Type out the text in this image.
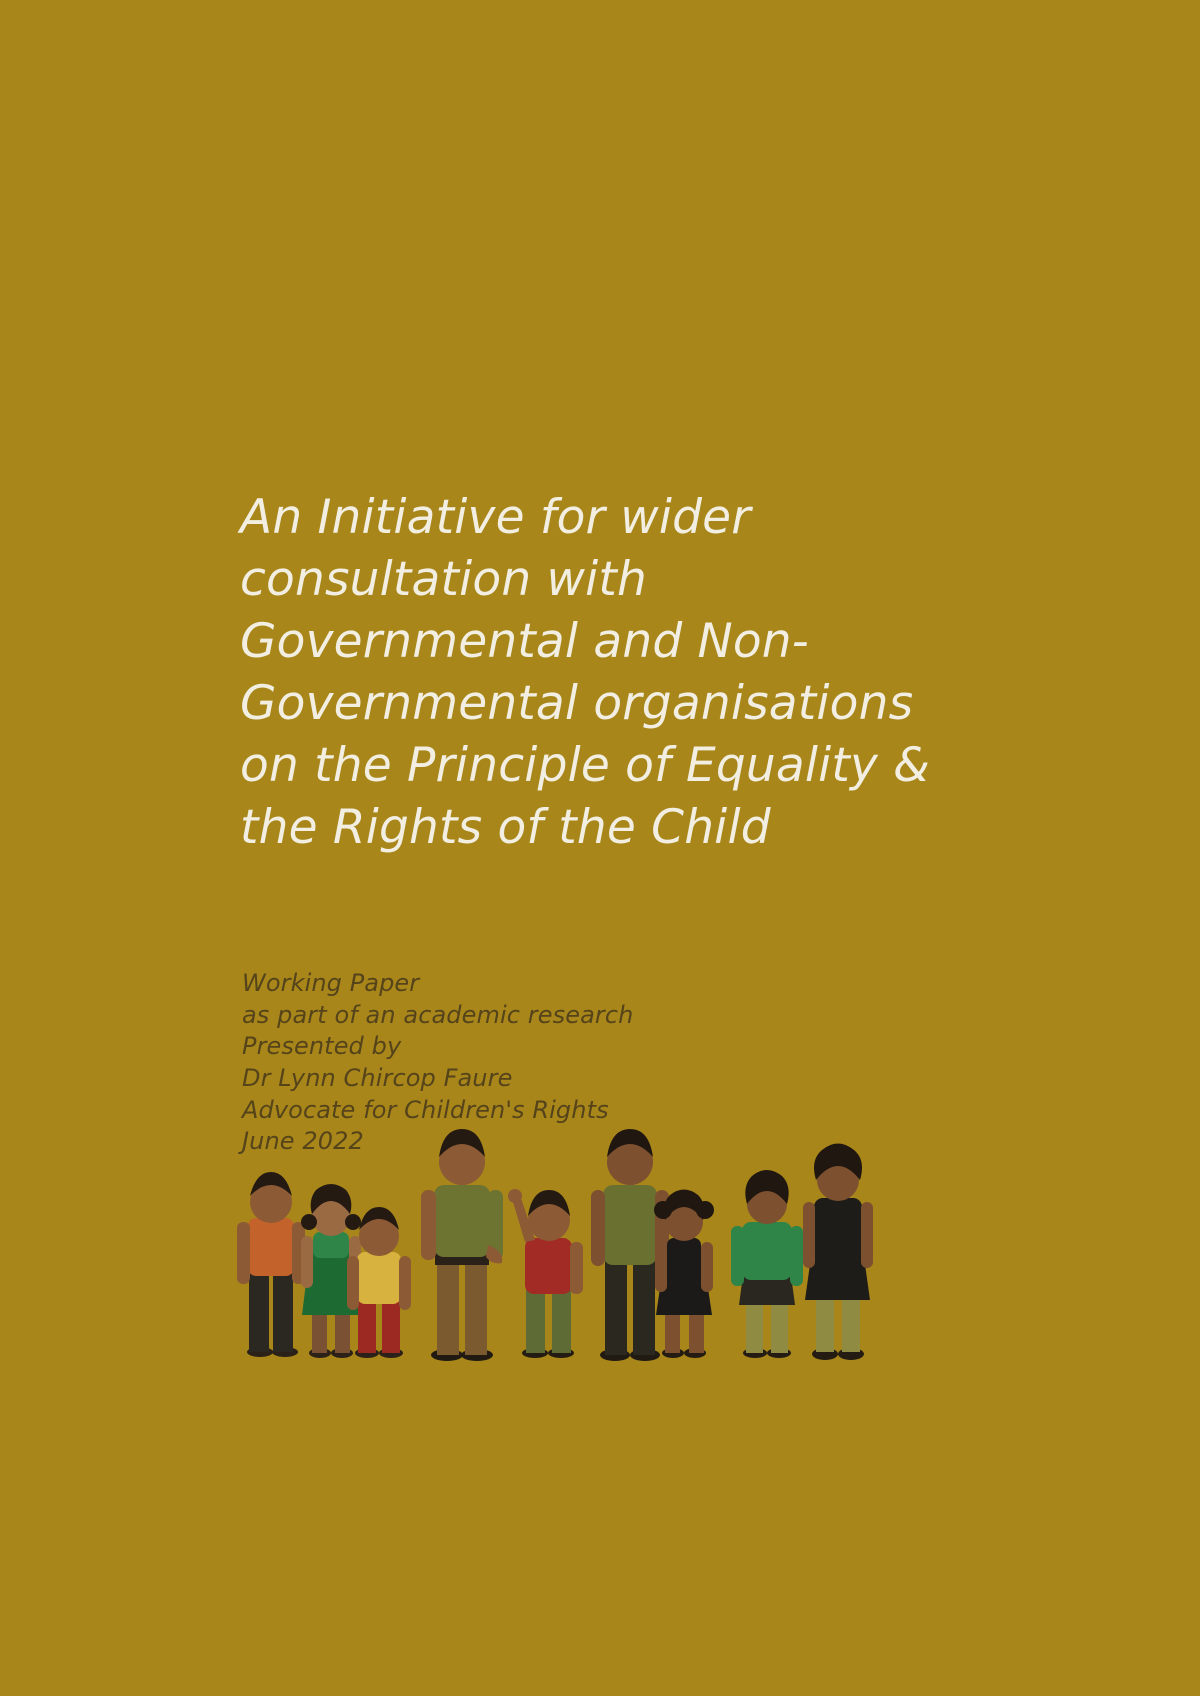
An Initiative for wider consultation with Governmental and Non-Governmental organisations on the Principle of Equality & the Rights of the Child

Working Paper

as part of an academic research

Presented by

Dr Lynn Chircop Faure

Advocate for Children's Rights

June 2022
